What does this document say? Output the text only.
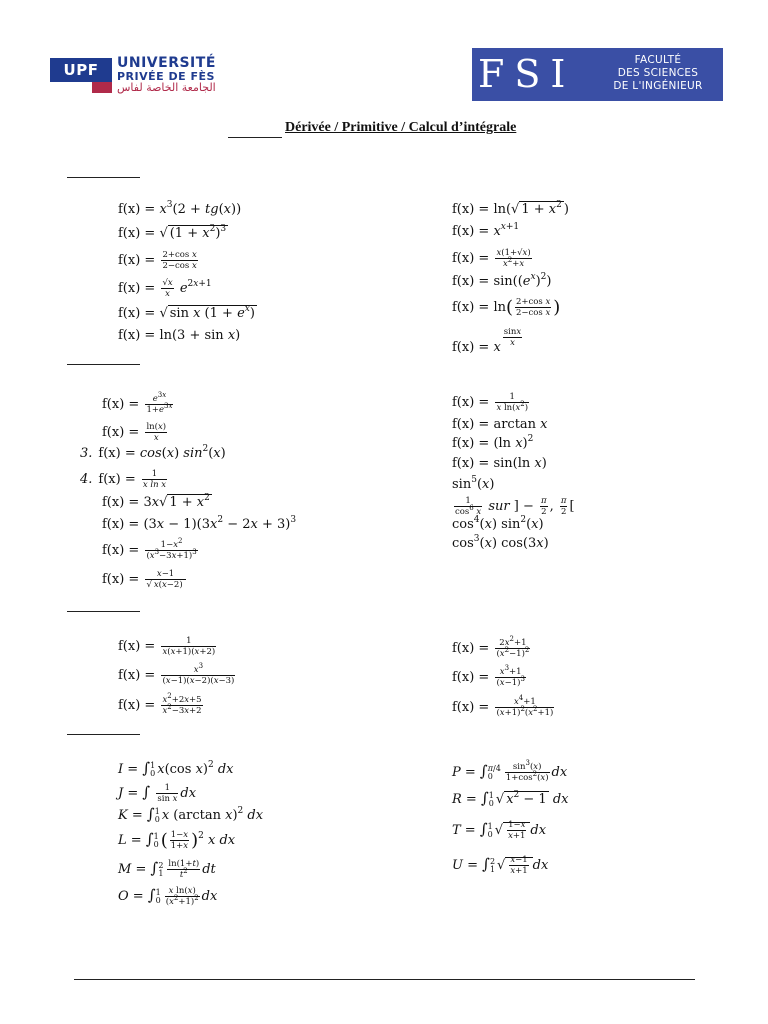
UPF	UNIVERSITÉ
PRIVÉE DE FÈS
الجامعة الخاصة لفاس	FSI	FACULTÉ
DES SCIENCES
DE L'INGÉNIEUR
Dérivée / Primitive / Calcul d’intégrale
$f(x) = x^3(2 + tg(x))$
f(x) = √ $(1 + x^2)^3$
$f(x) = \frac{\text{2+cos x}}{\text{2−cos x}}$
$f(x) = \frac{√x}{x} e^{2x+1}$
f(x) = √ sin x $(1 + e^x)$
f(x) = ln(3 + sin x)
f(x) = ln(√ $1 + x^2$ )
$f(x) = x^{x+1}$
$f(x) = \frac{x(1+√x)}{x^2+x}$
$f(x) = \sin((e^x)^2)$
$f(x) = \ln( \frac{\text{2+cos x}}{\text{2−cos x}}$ )
f(x) = x $^{\frac{\sin x}{x}}$
$f(x) = \frac{e^{3x}}{1+e^{3x}}$
$f(x) = \frac{\ln(x)}{x}$
3. f(x) = cos(x) $\sin^2(x)$
4. $f(x) = \frac{1}{\text{x ln x}}$
f(x) = 3x√ $1 + x^2$
$f(x) = (3x - 1)(3x^2 - 2x + 3)^3$
$f(x) = \frac{1-x^2}{(x^3-3x+1)^3}$
$f(x) = \frac{x-1}{√ x(x-2)}$
$f(x) = \frac{1}{x \ln(x^2)}$
f(x) = arctan x
f(x) = (ln x)$^2$
f(x) = sin(ln x)
$\sin^5(x)$
$\frac{1}{\cos^6 x}$ sur ] − $\frac{\pi}{2}$ , $\frac{\pi}{2}$ [
$\cos^4(x)$ $\sin^2(x)$
$\cos^3(x)$ cos(3x)
$f(x) = \frac{1}{x(x+1)(x+2)}$
$f(x) = \frac{x^3}{(x-1)(x-2)(x-3)}$
$f(x) = \frac{x^2+2x+5}{x^2-3x+2}$
$f(x) = \frac{2x^2+1}{(x^2-1)^2}$
$f(x) = \frac{x^3+1}{(x-1)^3}$
$f(x) = \frac{x^4+1}{(x+1)^2(x^2+1)}$
I = ∫ 1
0 x(cos x)$^2$ dx
J = ∫ $\frac{1}{\text{sin x}}$ dx
K = ∫ 1
0 x (arctan x)$^2$ dx
L = ∫ 1
0 ( $\frac{1-x}{1+x} )^2$ x dx
M = ∫ 2
$1 \frac{\ln(1+t)}{t^2}$ dt
O = ∫ 1
$0 \frac{\text{x ln(x)}}{(x^2+1)^2}$ dx
P = ∫ π/4
0	$\frac{\sin^3(x)}{1+\cos^2(x)}$ dx
R = ∫ 1
0 √ $x^2 - 1$ dx
T = ∫ 1
0 √ $\frac{1-x}{x+1}$ dx
U = ∫ 2
1 √ $\frac{x-1}{x+1}$ dx
